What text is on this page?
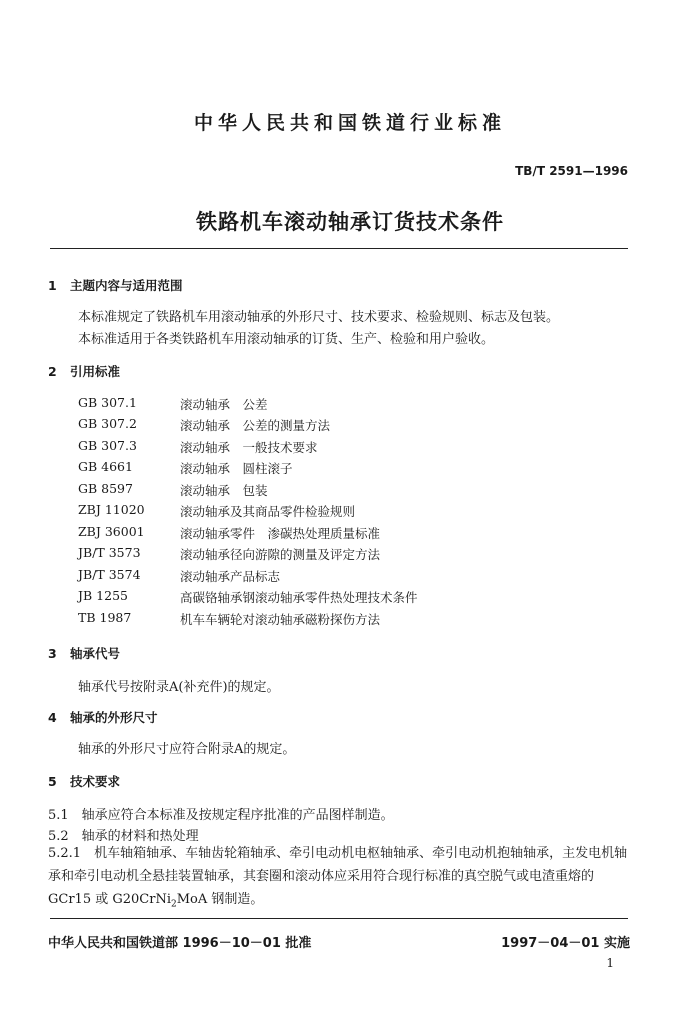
中华人民共和国铁道行业标准
TB/T 2591—1996
铁路机车滚动轴承订货技术条件
1 主题内容与适用范围
本标准规定了铁路机车用滚动轴承的外形尺寸、技术要求、检验规则、标志及包装。
本标准适用于各类铁路机车用滚动轴承的订货、生产、检验和用户验收。
2 引用标准
GB 307.1	滚动轴承　公差
GB 307.2	滚动轴承　公差的测量方法
GB 307.3	滚动轴承　一般技术要求
GB 4661	滚动轴承　圆柱滚子
GB 8597	滚动轴承　包装
ZBJ 11020	滚动轴承及其商品零件检验规则
ZBJ 36001	滚动轴承零件　渗碳热处理质量标准
JB/T 3573	滚动轴承径向游隙的测量及评定方法
JB/T 3574	滚动轴承产品标志
JB 1255	高碳铬轴承钢滚动轴承零件热处理技术条件
TB 1987	机车车辆轮对滚动轴承磁粉探伤方法
3 轴承代号
轴承代号按附录A(补充件)的规定。
4 轴承的外形尺寸
轴承的外形尺寸应符合附录A的规定。
5 技术要求
5.1　轴承应符合本标准及按规定程序批准的产品图样制造。
5.2　轴承的材料和热处理
5.2.1　机车轴箱轴承、车轴齿轮箱轴承、牵引电动机电枢轴轴承、牵引电动机抱轴轴承，主发电机轴承和牵引电动机全悬挂装置轴承，其套圈和滚动体应采用符合现行标准的真空脱气或电渣重熔的 GCr15 或 G20CrNi$_2$MoA 钢制造。
中华人民共和国铁道部 1996－10－01 批准	1997－04－01 实施
1
